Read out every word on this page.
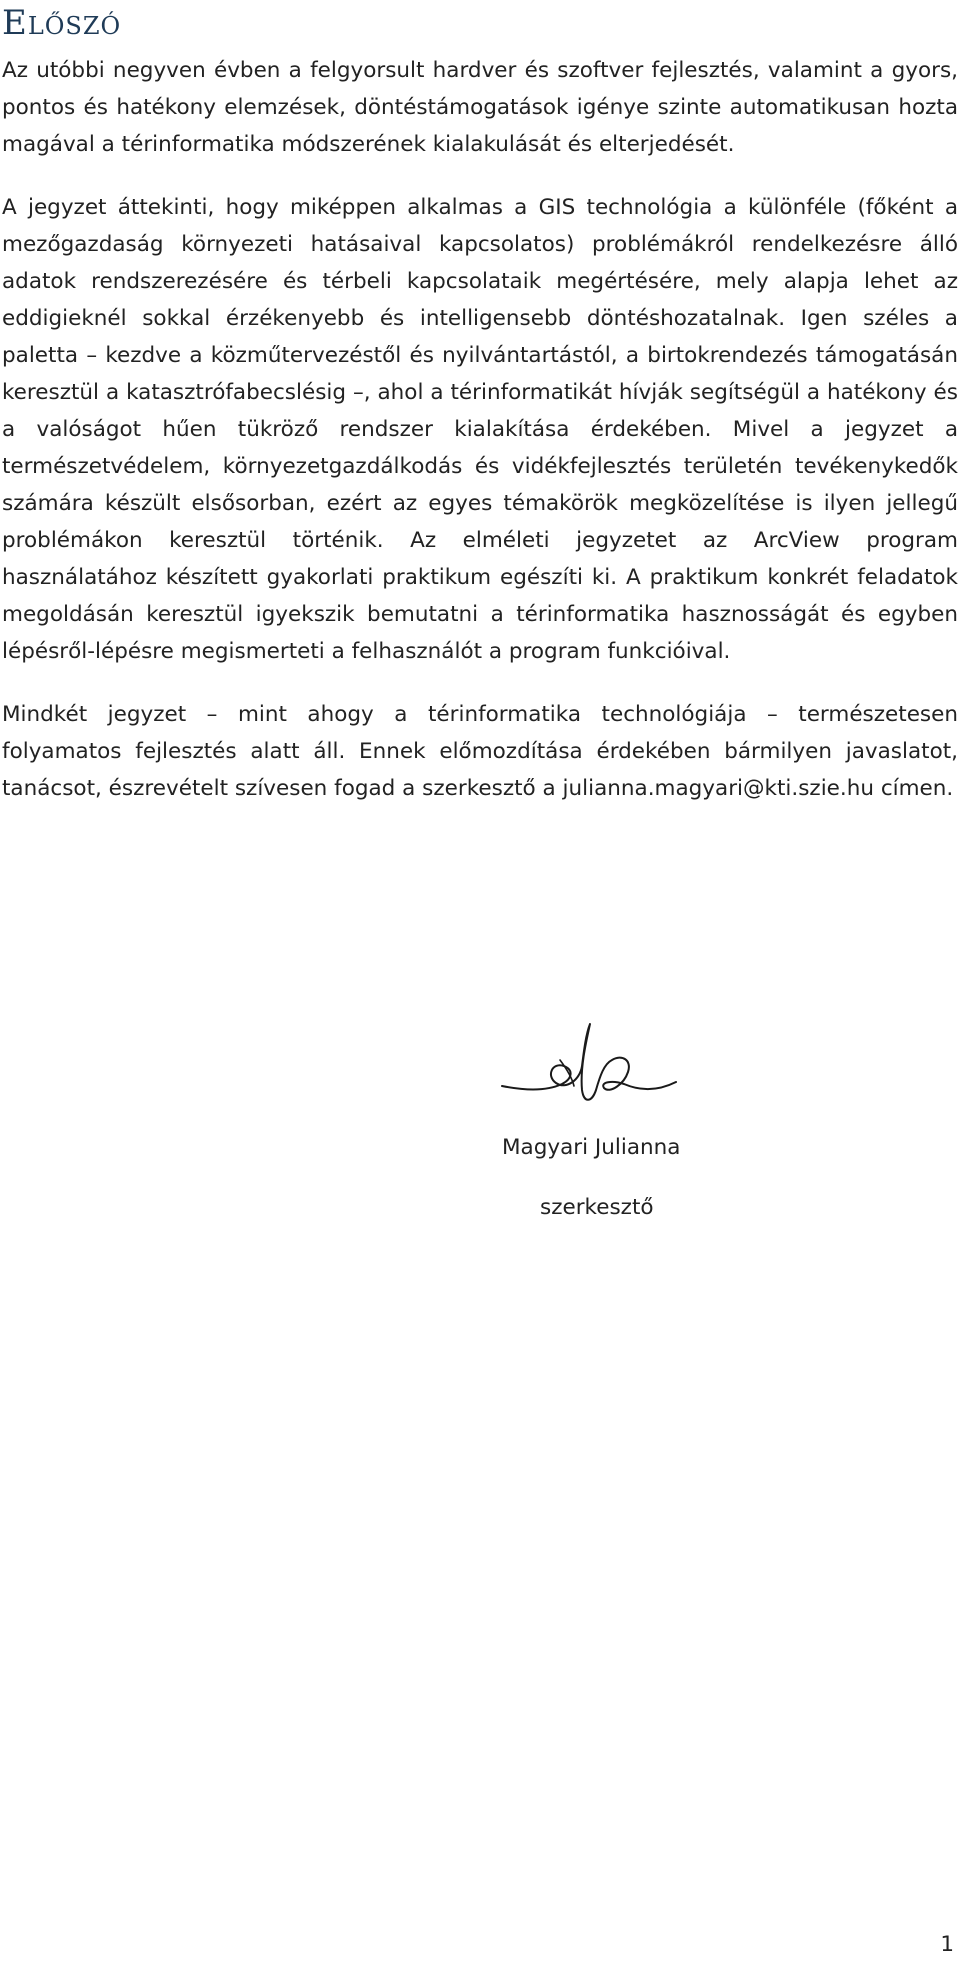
Előszó

Az utóbbi negyven évben a felgyorsult hardver és szoftver fejlesztés, valamint a gyors, pontos és hatékony elemzések, döntéstámogatások igénye szinte automatikusan hozta magával a térinformatika módszerének kialakulását és elterjedését.

A jegyzet áttekinti, hogy miképpen alkalmas a GIS technológia a különféle (főként a mezőgazdaság környezeti hatásaival kapcsolatos) problémákról rendelkezésre álló adatok rendszerezésére és térbeli kapcsolataik megértésére, mely alapja lehet az eddigieknél sokkal érzékenyebb és intelligensebb döntéshozatalnak. Igen széles a paletta – kezdve a közműtervezéstől és nyilvántartástól, a birtokrendezés támogatásán keresztül a katasztrófabecslésig –, ahol a térinformatikát hívják segítségül a hatékony és a valóságot hűen tükröző rendszer kialakítása érdekében. Mivel a jegyzet a természetvédelem, környezetgazdálkodás és vidékfejlesztés területén tevékenykedők számára készült elsősorban, ezért az egyes témakörök megközelítése is ilyen jellegű problémákon keresztül történik. Az elméleti jegyzetet az ArcView program használatához készített gyakorlati praktikum egészíti ki. A praktikum konkrét feladatok megoldásán keresztül igyekszik bemutatni a térinformatika hasznosságát és egyben lépésről-lépésre megismerteti a felhasználót a program funkcióival.

Mindkét jegyzet – mint ahogy a térinformatika technológiája – természetesen folyamatos fejlesztés alatt áll. Ennek előmozdítása érdekében bármilyen javaslatot, tanácsot, észrevételt szívesen fogad a szerkesztő a julianna.magyari@kti.szie.hu címen.

Magyari Julianna
szerkesztő
1
